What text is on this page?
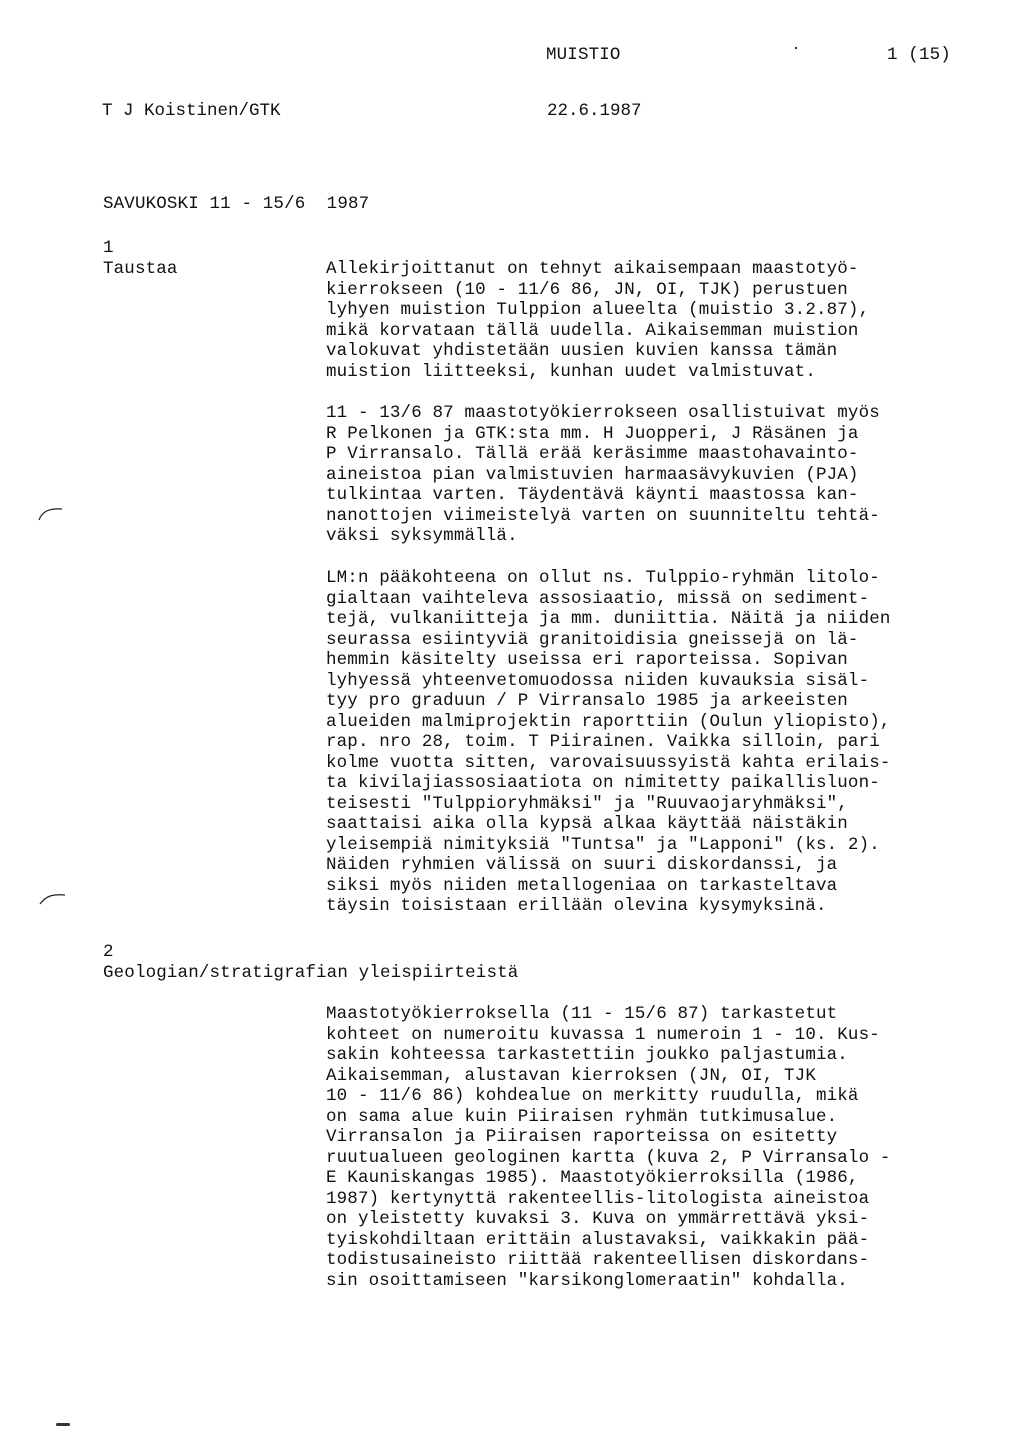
MUISTIO	1 (15)
T J Koistinen/GTK	22.6.1987
SAVUKOSKI 11 - 15/6  1987
1
Taustaa	Allekirjoittanut on tehnyt aikaisempaan maastotyö-
kierrokseen (10 - 11/6 86, JN, OI, TJK) perustuen
lyhyen muistion Tulppion alueelta (muistio 3.2.87),
mikä korvataan tällä uudella. Aikaisemman muistion
valokuvat yhdistetään uusien kuvien kanssa tämän
muistion liitteeksi, kunhan uudet valmistuvat.
11 - 13/6 87 maastotyökierrokseen osallistuivat myös
R Pelkonen ja GTK:sta mm. H Juopperi, J Räsänen ja
P Virransalo. Tällä erää keräsimme maastohavainto-
aineistoa pian valmistuvien harmaasävykuvien (PJA)
tulkintaa varten. Täydentävä käynti maastossa kan-
nanottojen viimeistelyä varten on suunniteltu tehtä-
väksi syksymmällä.
LM:n pääkohteena on ollut ns. Tulppio-ryhmän litolo-
gialtaan vaihteleva assosiaatio, missä on sediment-
tejä, vulkaniitteja ja mm. duniittia. Näitä ja niiden
seurassa esiintyviä granitoidisia gneissejä on lä-
hemmin käsitelty useissa eri raporteissa. Sopivan
lyhyessä yhteenvetomuodossa niiden kuvauksia sisäl-
tyy pro graduun / P Virransalo 1985 ja arkeeisten
alueiden malmiprojektin raporttiin (Oulun yliopisto),
rap. nro 28, toim. T Piirainen. Vaikka silloin, pari
kolme vuotta sitten, varovaisuussyistä kahta erilais-
ta kivilajiassosiaatiota on nimitetty paikallisluon-
teisesti "Tulppioryhmäksi" ja "Ruuvaojaryhmäksi",
saattaisi aika olla kypsä alkaa käyttää näistäkin
yleisempiä nimityksiä "Tuntsa" ja "Lapponi" (ks. 2).
Näiden ryhmien välissä on suuri diskordanssi, ja
siksi myös niiden metallogeniaa on tarkasteltava
täysin toisistaan erillään olevina kysymyksinä.
2
Geologian/stratigrafian yleispiirteistä
Maastotyökierroksella (11 - 15/6 87) tarkastetut
kohteet on numeroitu kuvassa 1 numeroin 1 - 10. Kus-
sakin kohteessa tarkastettiin joukko paljastumia.
Aikaisemman, alustavan kierroksen (JN, OI, TJK
10 - 11/6 86) kohdealue on merkitty ruudulla, mikä
on sama alue kuin Piiraisen ryhmän tutkimusalue.
Virransalon ja Piiraisen raporteissa on esitetty
ruutualueen geologinen kartta (kuva 2, P Virransalo -
E Kauniskangas 1985). Maastotyökierroksilla (1986,
1987) kertynyttä rakenteellis-litologista aineistoa
on yleistetty kuvaksi 3. Kuva on ymmärrettävä yksi-
tyiskohdiltaan erittäin alustavaksi, vaikkakin pää-
todistusaineisto riittää rakenteellisen diskordans-
sin osoittamiseen "karsikonglomeraatin" kohdalla.
